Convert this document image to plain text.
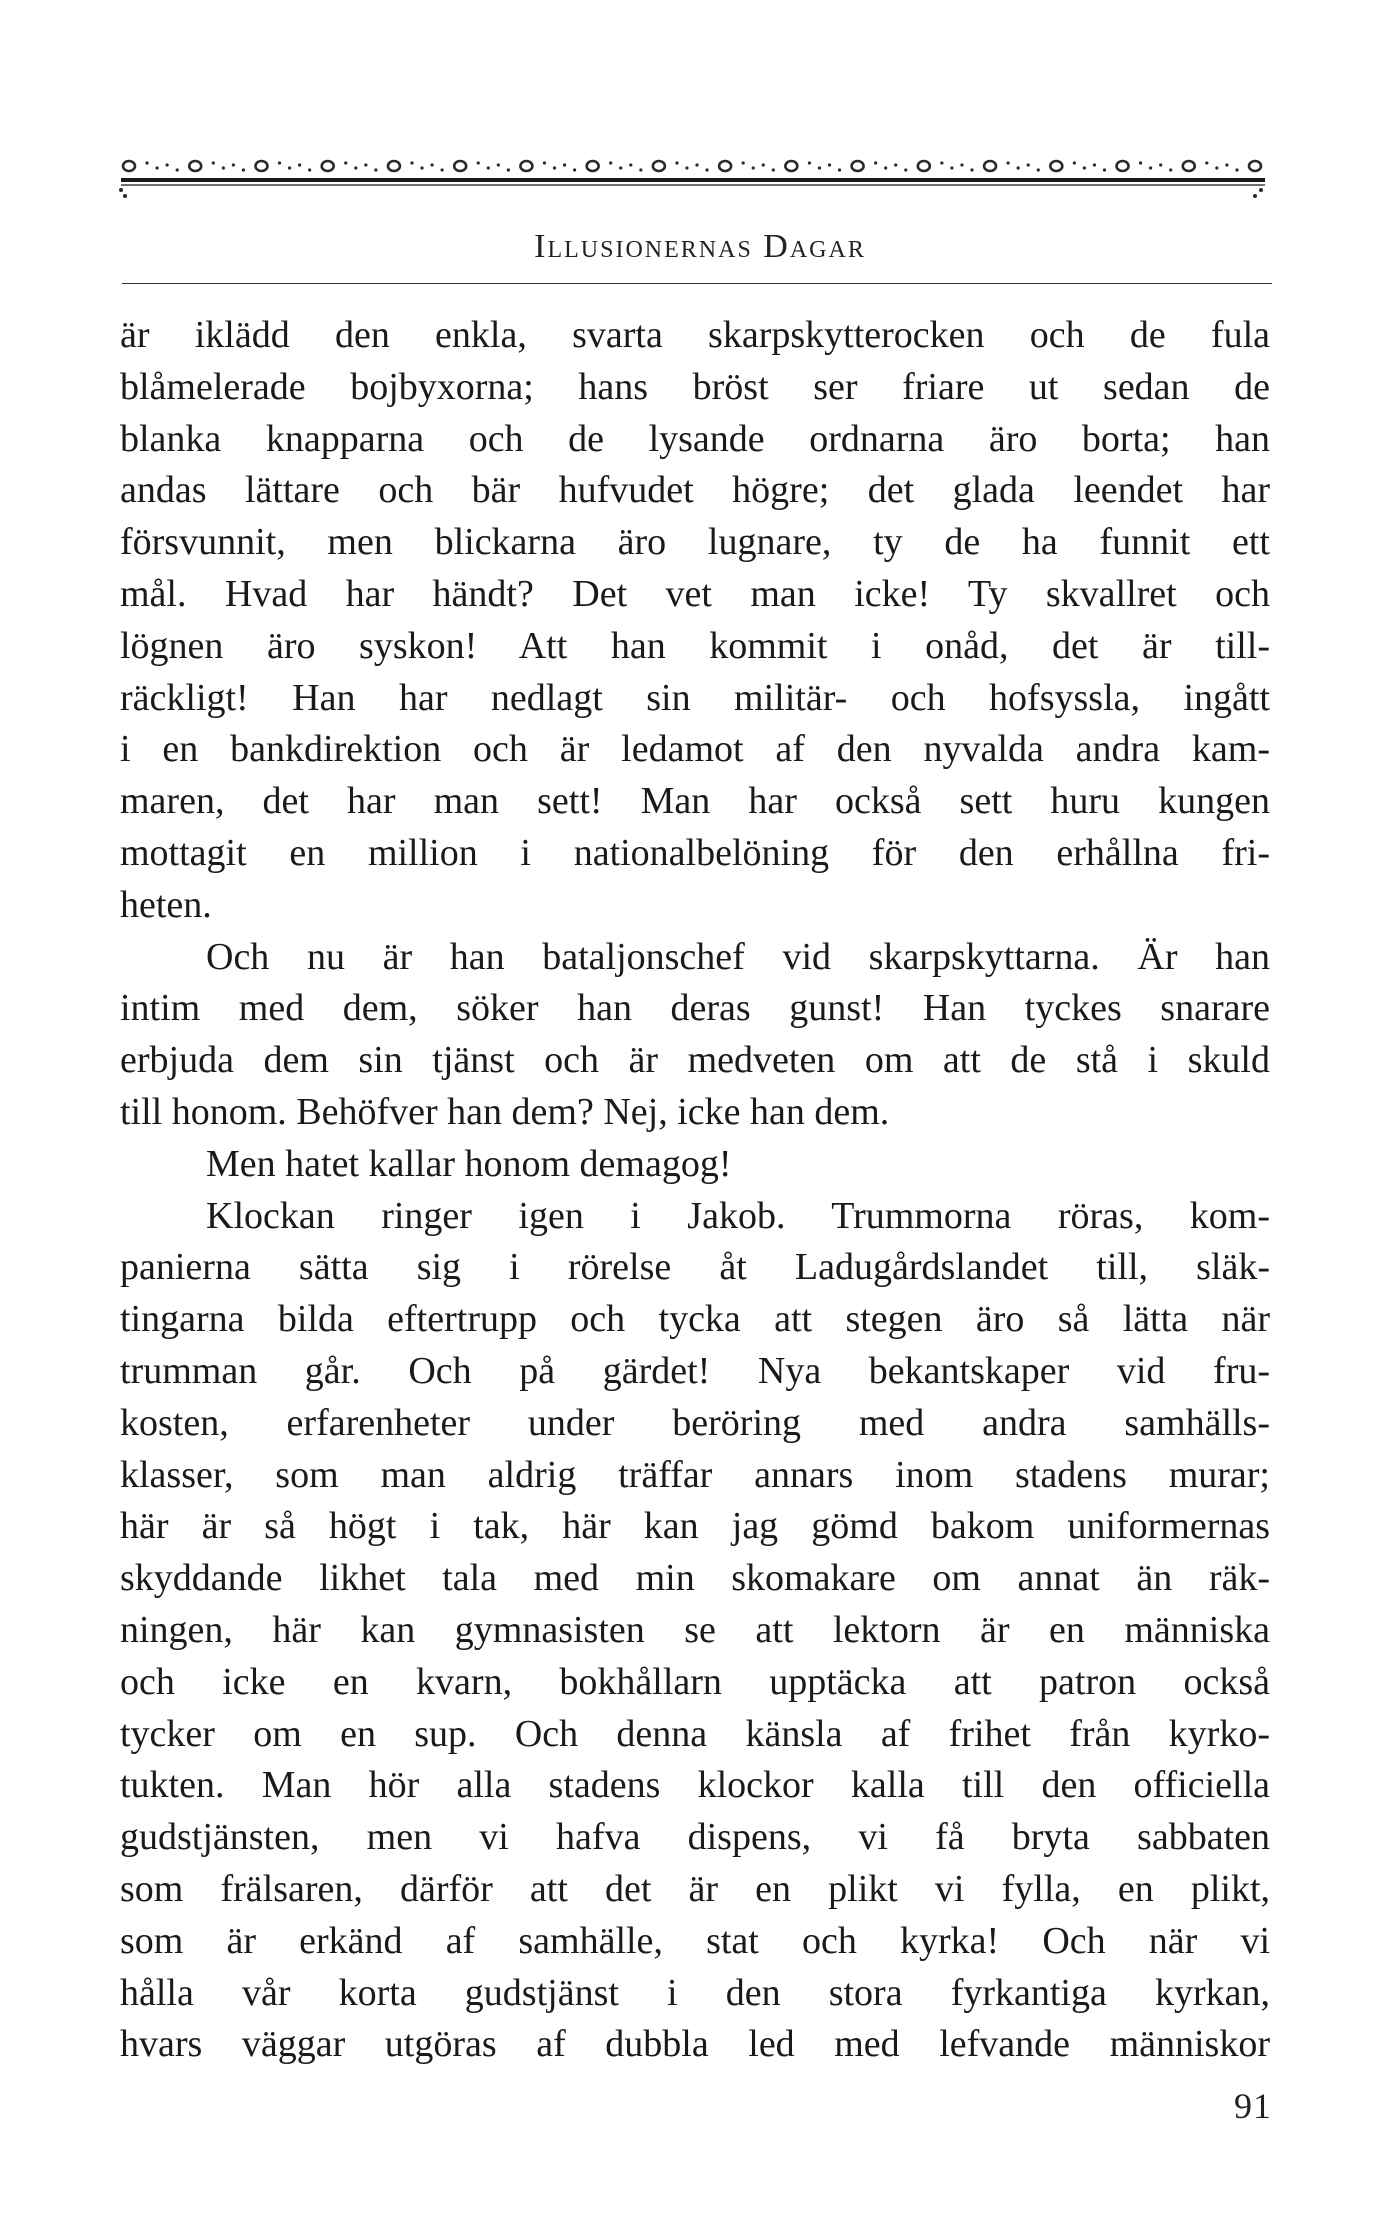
Illusionernas Dagar
är iklädd den enkla, svarta skarpskytterocken och de fula
blåmelerade bojbyxorna; hans bröst ser friare ut sedan de
blanka knapparna och de lysande ordnarna äro borta; han
andas lättare och bär hufvudet högre; det glada leendet har
försvunnit, men blickarna äro lugnare, ty de ha funnit ett
mål. Hvad har händt? Det vet man icke! Ty skvallret och
lögnen äro syskon! Att han kommit i onåd, det är till-
räckligt! Han har nedlagt sin militär- och hofsyssla, ingått
i en bankdirektion och är ledamot af den nyvalda andra kam-
maren, det har man sett! Man har också sett huru kungen
mottagit en million i nationalbelöning för den erhållna fri-
heten.
Och nu är han bataljonschef vid skarpskyttarna. Är han
intim med dem, söker han deras gunst! Han tyckes snarare
erbjuda dem sin tjänst och är medveten om att de stå i skuld
till honom. Behöfver han dem? Nej, icke han dem.
Men hatet kallar honom demagog!
Klockan ringer igen i Jakob. Trummorna röras, kom-
panierna sätta sig i rörelse åt Ladugårdslandet till, släk-
tingarna bilda eftertrupp och tycka att stegen äro så lätta när
trumman går. Och på gärdet! Nya bekantskaper vid fru-
kosten, erfarenheter under beröring med andra samhälls-
klasser, som man aldrig träffar annars inom stadens murar;
här är så högt i tak, här kan jag gömd bakom uniformernas
skyddande likhet tala med min skomakare om annat än räk-
ningen, här kan gymnasisten se att lektorn är en människa
och icke en kvarn, bokhållarn upptäcka att patron också
tycker om en sup. Och denna känsla af frihet från kyrko-
tukten. Man hör alla stadens klockor kalla till den officiella
gudstjänsten, men vi hafva dispens, vi få bryta sabbaten
som frälsaren, därför att det är en plikt vi fylla, en plikt,
som är erkänd af samhälle, stat och kyrka! Och när vi
hålla vår korta gudstjänst i den stora fyrkantiga kyrkan,
hvars väggar utgöras af dubbla led med lefvande människor
91
